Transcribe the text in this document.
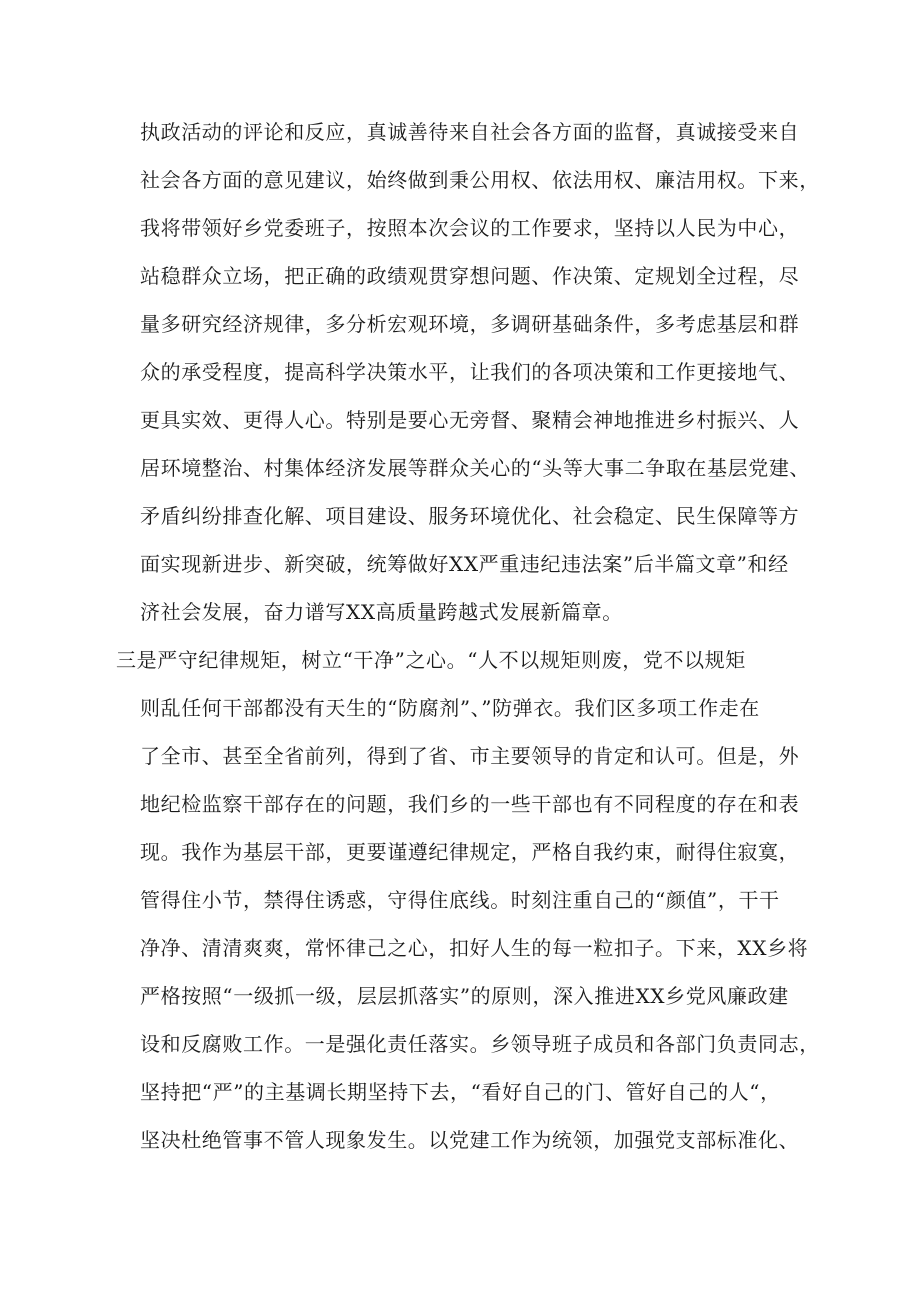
执政活动的评论和反应，真诚善待来自社会各方面的监督，真诚接受来自
社会各方面的意见建议，始终做到秉公用权、依法用权、廉洁用权。下来，
我将带领好乡党委班子，按照本次会议的工作要求，坚持以人民为中心，
站稳群众立场，把正确的政绩观贯穿想问题、作决策、定规划全过程，尽
量多研究经济规律，多分析宏观环境，多调研基础条件，多考虑基层和群
众的承受程度，提高科学决策水平，让我们的各项决策和工作更接地气、
更具实效、更得人心。特别是要心无旁督、聚精会神地推进乡村振兴、人
居环境整治、村集体经济发展等群众关心的“头等大事二争取在基层党建、
矛盾纠纷排查化解、项目建设、服务环境优化、社会稳定、民生保障等方
面实现新进步、新突破，统筹做好XX严重违纪违法案”后半篇文章”和经
济社会发展，奋力谱写XX高质量跨越式发展新篇章。
三是严守纪律规矩，树立“干净”之心。“人不以规矩则废，党不以规矩
则乱任何干部都没有天生的“防腐剂”、”防弹衣。我们区多项工作走在
了全市、甚至全省前列，得到了省、市主要领导的肯定和认可。但是，外
地纪检监察干部存在的问题，我们乡的一些干部也有不同程度的存在和表
现。我作为基层干部，更要谨遵纪律规定，严格自我约束，耐得住寂寞，
管得住小节，禁得住诱惑，守得住底线。时刻注重自己的“颜值”，干干
净净、清清爽爽，常怀律己之心，扣好人生的每一粒扣子。下来，XX乡将
严格按照“一级抓一级，层层抓落实”的原则，深入推进XX乡党风廉政建
设和反腐败工作。一是强化责任落实。乡领导班子成员和各部门负责同志，
坚持把“严”的主基调长期坚持下去，“看好自己的门、管好自己的人“，
坚决杜绝管事不管人现象发生。以党建工作为统领，加强党支部标准化、
